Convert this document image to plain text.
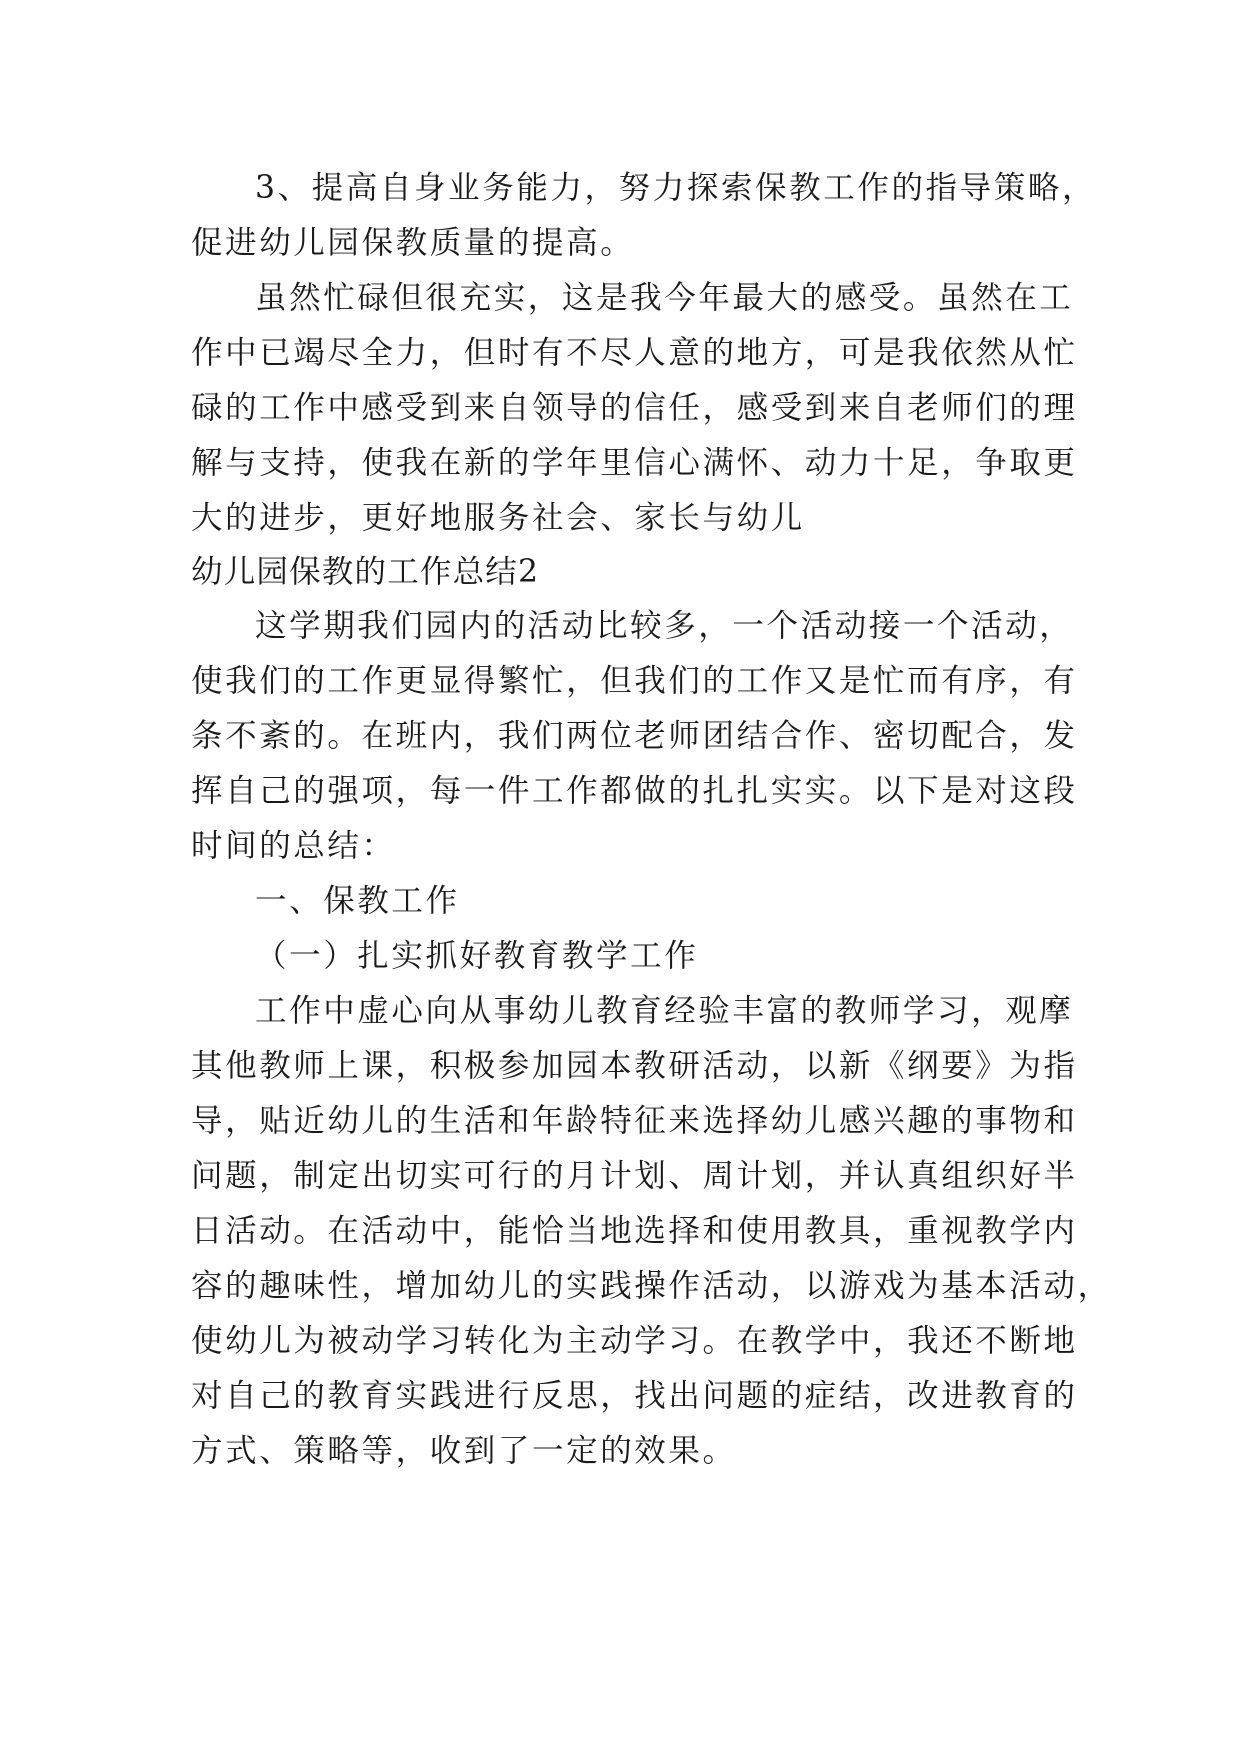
3、提高自身业务能力，努力探索保教工作的指导策略，
促进幼儿园保教质量的提高。
虽然忙碌但很充实，这是我今年最大的感受。虽然在工
作中已竭尽全力，但时有不尽人意的地方，可是我依然从忙
碌的工作中感受到来自领导的信任，感受到来自老师们的理
解与支持，使我在新的学年里信心满怀、动力十足，争取更
大的进步，更好地服务社会、家长与幼儿
幼儿园保教的工作总结2
这学期我们园内的活动比较多，一个活动接一个活动，
使我们的工作更显得繁忙，但我们的工作又是忙而有序，有
条不紊的。在班内，我们两位老师团结合作、密切配合，发
挥自己的强项，每一件工作都做的扎扎实实。以下是对这段
时间的总结：
一、保教工作
（一）扎实抓好教育教学工作
工作中虚心向从事幼儿教育经验丰富的教师学习，观摩
其他教师上课，积极参加园本教研活动，以新《纲要》为指
导，贴近幼儿的生活和年龄特征来选择幼儿感兴趣的事物和
问题，制定出切实可行的月计划、周计划，并认真组织好半
日活动。在活动中，能恰当地选择和使用教具，重视教学内
容的趣味性，增加幼儿的实践操作活动，以游戏为基本活动，
使幼儿为被动学习转化为主动学习。在教学中，我还不断地
对自己的教育实践进行反思，找出问题的症结，改进教育的
方式、策略等，收到了一定的效果。
